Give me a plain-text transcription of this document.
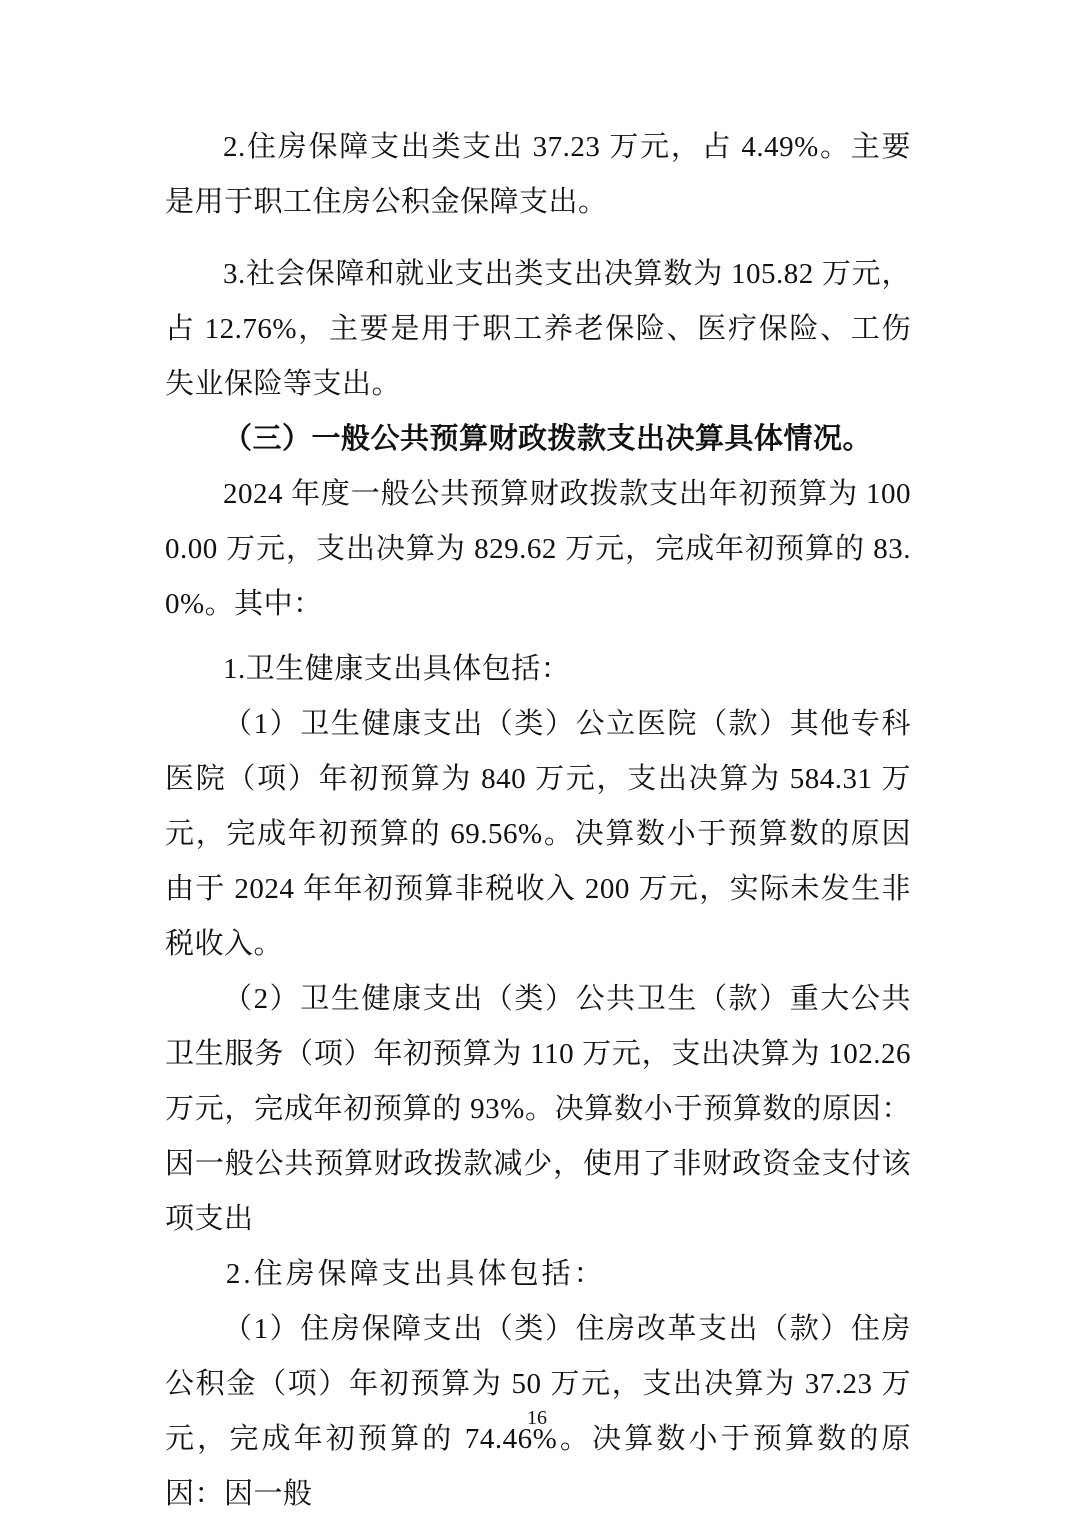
2.住房保障支出类支出 37.23 万元，占 4.49%。主要是用于职工住房公积金保障支出。

3.社会保障和就业支出类支出决算数为 105.82 万元，占 12.76%，主要是用于职工养老保险、医疗保险、工伤失业保险等支出。

（三）一般公共预算财政拨款支出决算具体情况。

2024 年度一般公共预算财政拨款支出年初预算为 1000.00 万元，支出决算为 829.62 万元，完成年初预算的 83.0%。其中：

1.卫生健康支出具体包括：

（1）卫生健康支出（类）公立医院（款）其他专科医院（项）年初预算为 840 万元，支出决算为 584.31 万元，完成年初预算的 69.56%。决算数小于预算数的原因由于 2024 年年初预算非税收入 200 万元，实际未发生非税收入。

（2）卫生健康支出（类）公共卫生（款）重大公共卫生服务（项）年初预算为 110 万元，支出决算为 102.26 万元，完成年初预算的 93%。决算数小于预算数的原因：因一般公共预算财政拨款减少，使用了非财政资金支付该项支出

2.住房保障支出具体包括：

（1）住房保障支出（类）住房改革支出（款）住房公积金（项）年初预算为 50 万元，支出决算为 37.23 万元，完成年初预算的 74.46%。决算数小于预算数的原因：因一般

16
